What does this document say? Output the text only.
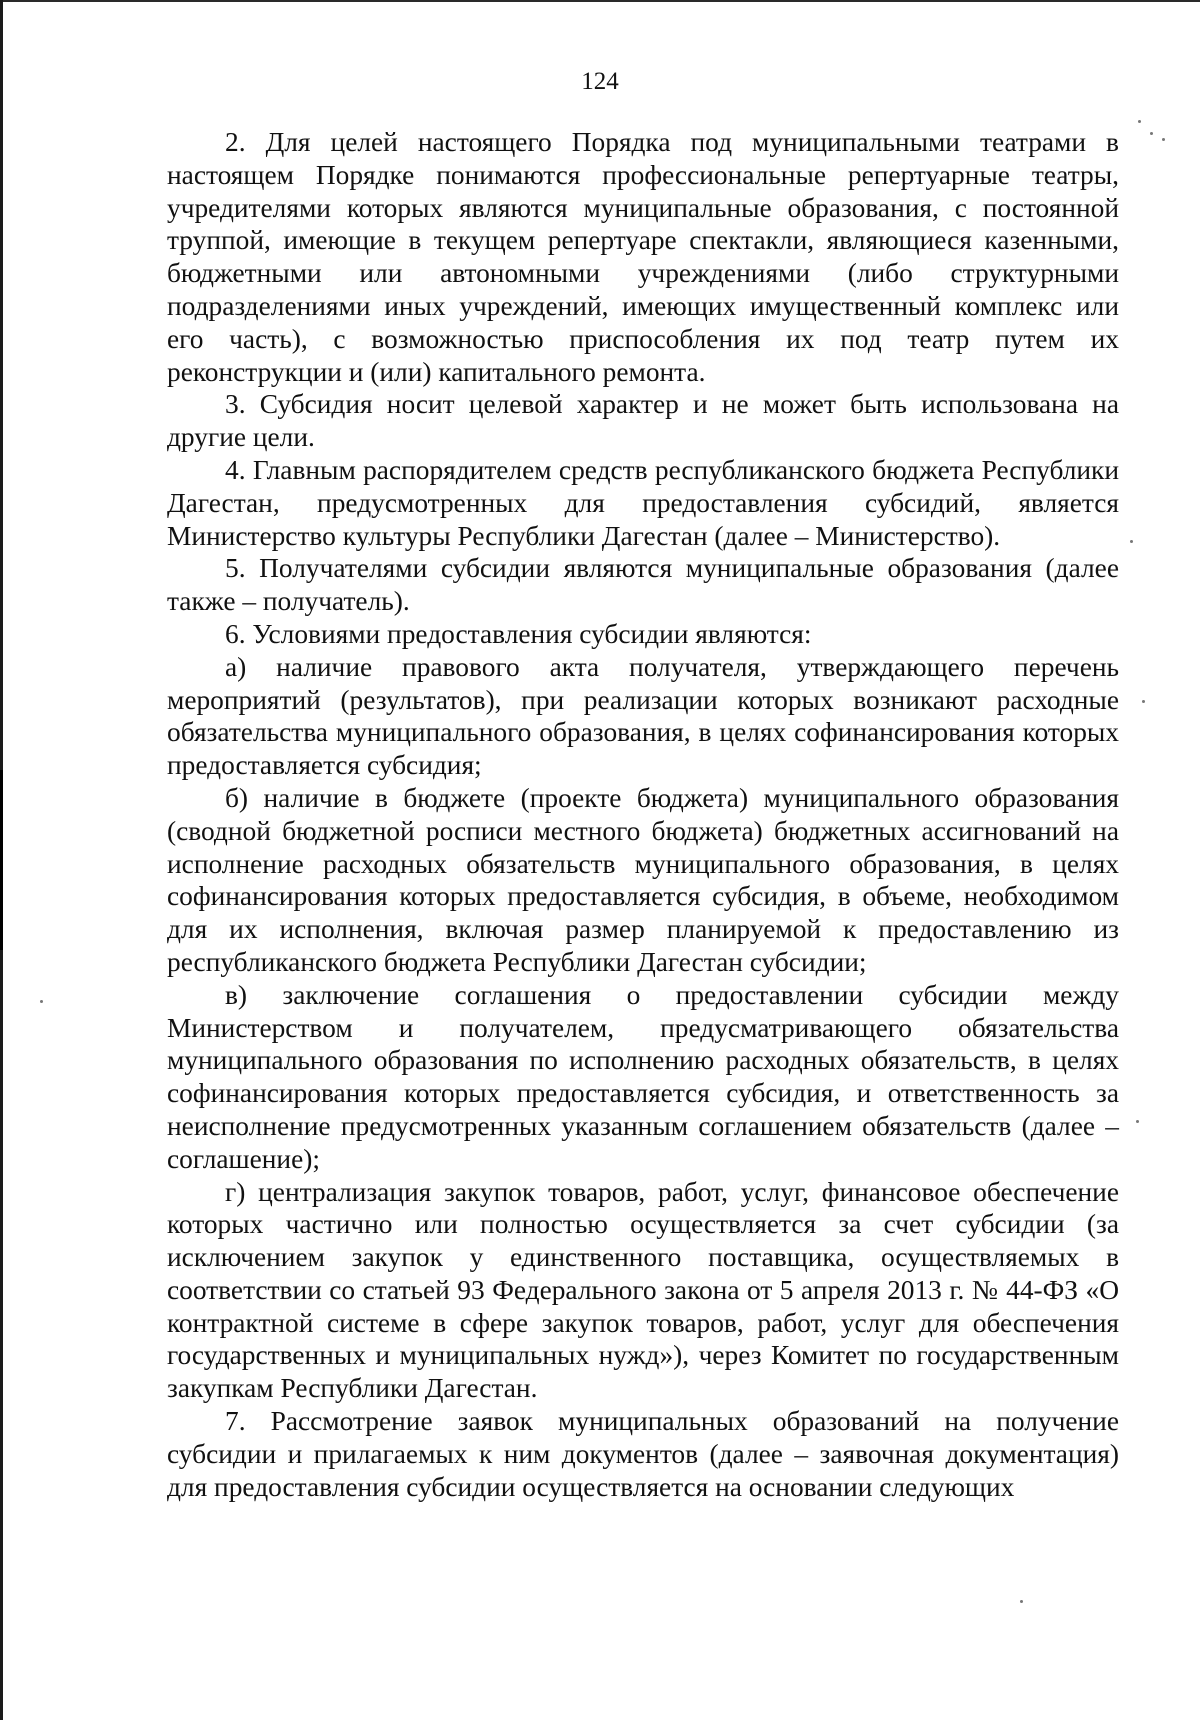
124

2. Для целей настоящего Порядка под муниципальными театрами в настоящем Порядке понимаются профессиональные репертуарные театры, учредителями которых являются муниципальные образования, с постоянной труппой, имеющие в текущем репертуаре спектакли, являющиеся казенными, бюджетными или автономными учреждениями (либо структурными подразделениями иных учреждений, имеющих имущественный комплекс или его часть), с возможностью приспособления их под театр путем их реконструкции и (или) капитального ремонта.

3. Субсидия носит целевой характер и не может быть использована на другие цели.

4. Главным распорядителем средств республиканского бюджета Республики Дагестан, предусмотренных для предоставления субсидий, является Министерство культуры Республики Дагестан (далее – Министерство).

5. Получателями субсидии являются муниципальные образования (далее также – получатель).

6. Условиями предоставления субсидии являются:

а) наличие правового акта получателя, утверждающего перечень мероприятий (результатов), при реализации которых возникают расходные обязательства муниципального образования, в целях софинансирования которых предоставляется субсидия;

б) наличие в бюджете (проекте бюджета) муниципального образования (сводной бюджетной росписи местного бюджета) бюджетных ассигнований на исполнение расходных обязательств муниципального образования, в целях софинансирования которых предоставляется субсидия, в объеме, необходимом для их исполнения, включая размер планируемой к предоставлению из республиканского бюджета Республики Дагестан субсидии;

в) заключение соглашения о предоставлении субсидии между Министерством и получателем, предусматривающего обязательства муниципального образования по исполнению расходных обязательств, в целях софинансирования которых предоставляется субсидия, и ответственность за неисполнение предусмотренных указанным соглашением обязательств (далее – соглашение);

г) централизация закупок товаров, работ, услуг, финансовое обеспечение которых частично или полностью осуществляется за счет субсидии (за исключением закупок у единственного поставщика, осуществляемых в соответствии со статьей 93 Федерального закона от 5 апреля 2013 г. № 44-ФЗ «О контрактной системе в сфере закупок товаров, работ, услуг для обеспечения государственных и муниципальных нужд»), через Комитет по государственным закупкам Республики Дагестан.

7. Рассмотрение заявок муниципальных образований на получение субсидии и прилагаемых к ним документов (далее – заявочная документация) для предоставления субсидии осуществляется на основании следующих
